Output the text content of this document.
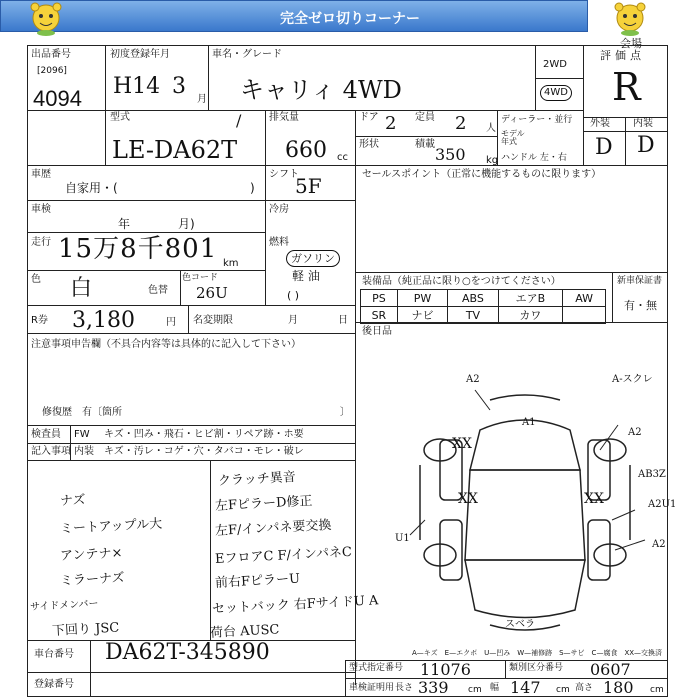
完全ゼロ切りコーナー
会場
出品番号
[2096]
4094
初度登録年月
H14 3
月
車名・グレード
キャリィ 4WD
2WD
4WD
評価点
R
外装 内装
D D
型式	/
LE-DA62T
排気量
660 cc
ドア 2 定員 2 人
ディーラー・並行
モデル年式
形状	積載
350 kg ハンドル 左・右
車歴
自家用・(	)
シフト
5F
車検
年	月)
冷房
走行 15万8千801 km
燃料
ガソリン
軽 油
( )
色 白	色替
色コード
26U
R券 3,180	円 名変期限	月	日
注意事項申告欄（不具合内容等は具体的に記入して下さい）
修復歴　有〔箇所	〕
検査員
記入事項
FW キズ・凹み・飛石・ヒビ割・リペア跡・ホ要
内装 キズ・汚レ・コゲ・穴・タバコ・モレ・破レ
クラッチ異音
左FピラーD修正
左F/インパネ要交換
EフロアC F/インパネC
前右FピラーU
セットバック 右FサイドU A
荷台 AUSC
ナズ
ミートアップル大
アンテナ×
ミラーナズ
サイドメンバー
下回り JSC
セールスポイント（正常に機能するものに限ります）
装備品（純正品に限り○をつけてください）
PS	PW	ABS	エアB	AW
SR	ナビ	TV	カワ	
新車保証書
有・無
後日品
A2	A-スクレ
A1
XX
XX	XX
A2
AB3Z
A2U1
A2
U1
スベラ
A—キズ　E—エクボ　U—凹み　W—補修跡　S—サビ　C—腐食　XX—交換済
車台番号 DA62T-345890
登録番号
型式指定番号 11076	類別区分番号 0607
車検証明用 長さ 339 cm 幅 147 cm 高さ 180 cm
